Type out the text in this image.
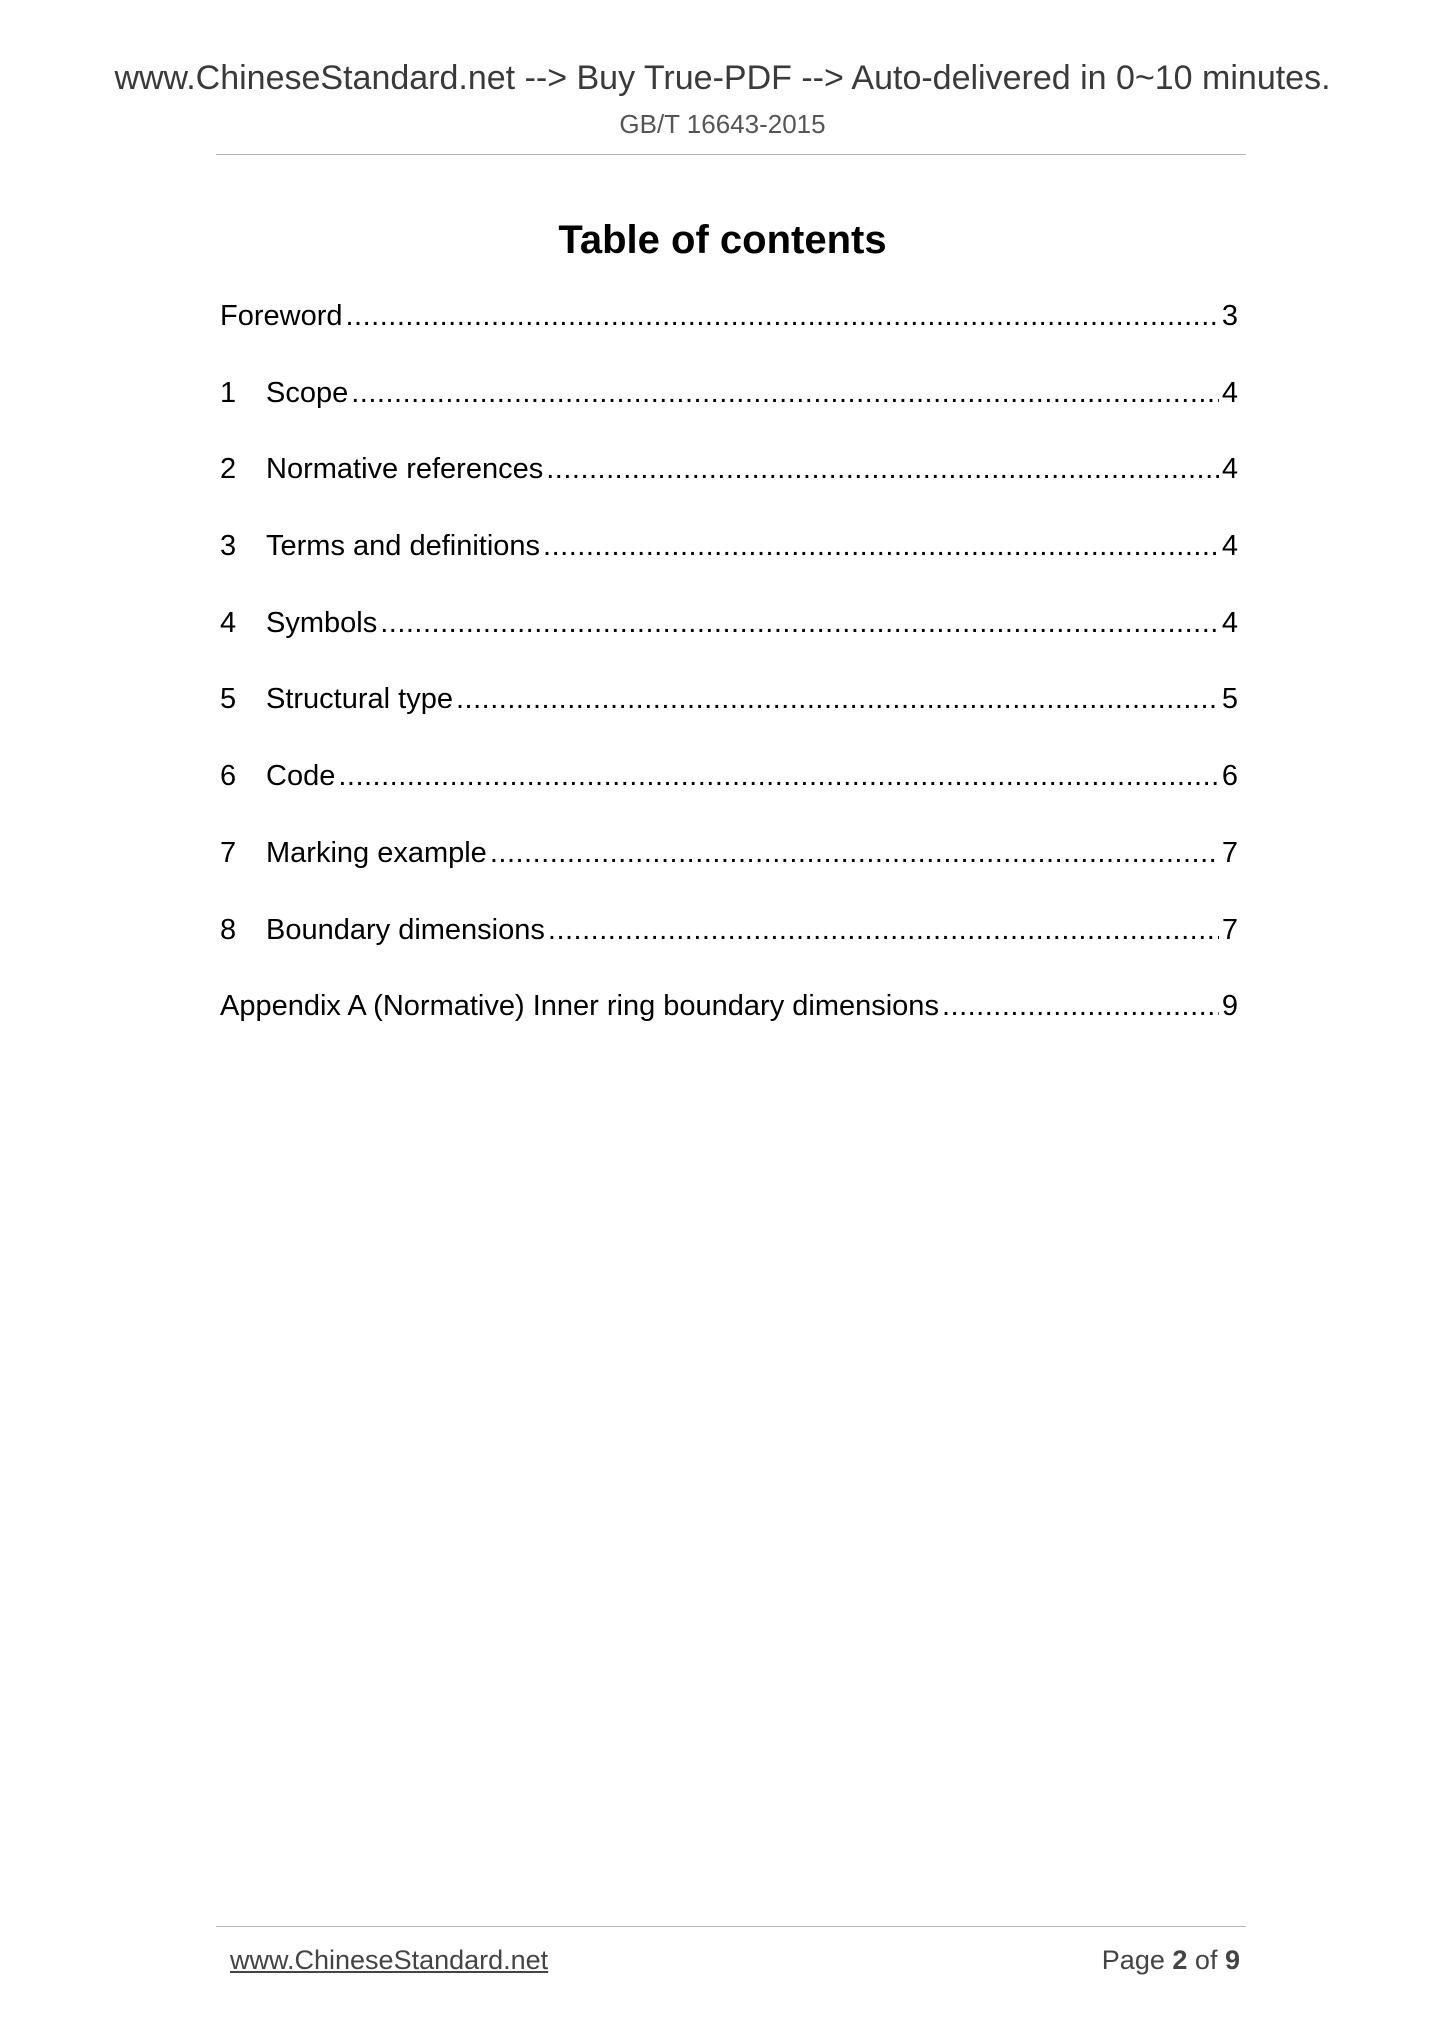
www.ChineseStandard.net --> Buy True-PDF --> Auto-delivered in 0~10 minutes.
GB/T 16643-2015
Table of contents
Foreword .....	3
1	Scope .....	4
2	Normative references .....	4
3	Terms and definitions .....	4
4	Symbols .....	4
5	Structural type .....	5
6	Code .....	6
7	Marking example .....	7
8	Boundary dimensions .....	7
Appendix A (Normative) Inner ring boundary dimensions .....	9
www.ChineseStandard.net	Page 2 of 9
